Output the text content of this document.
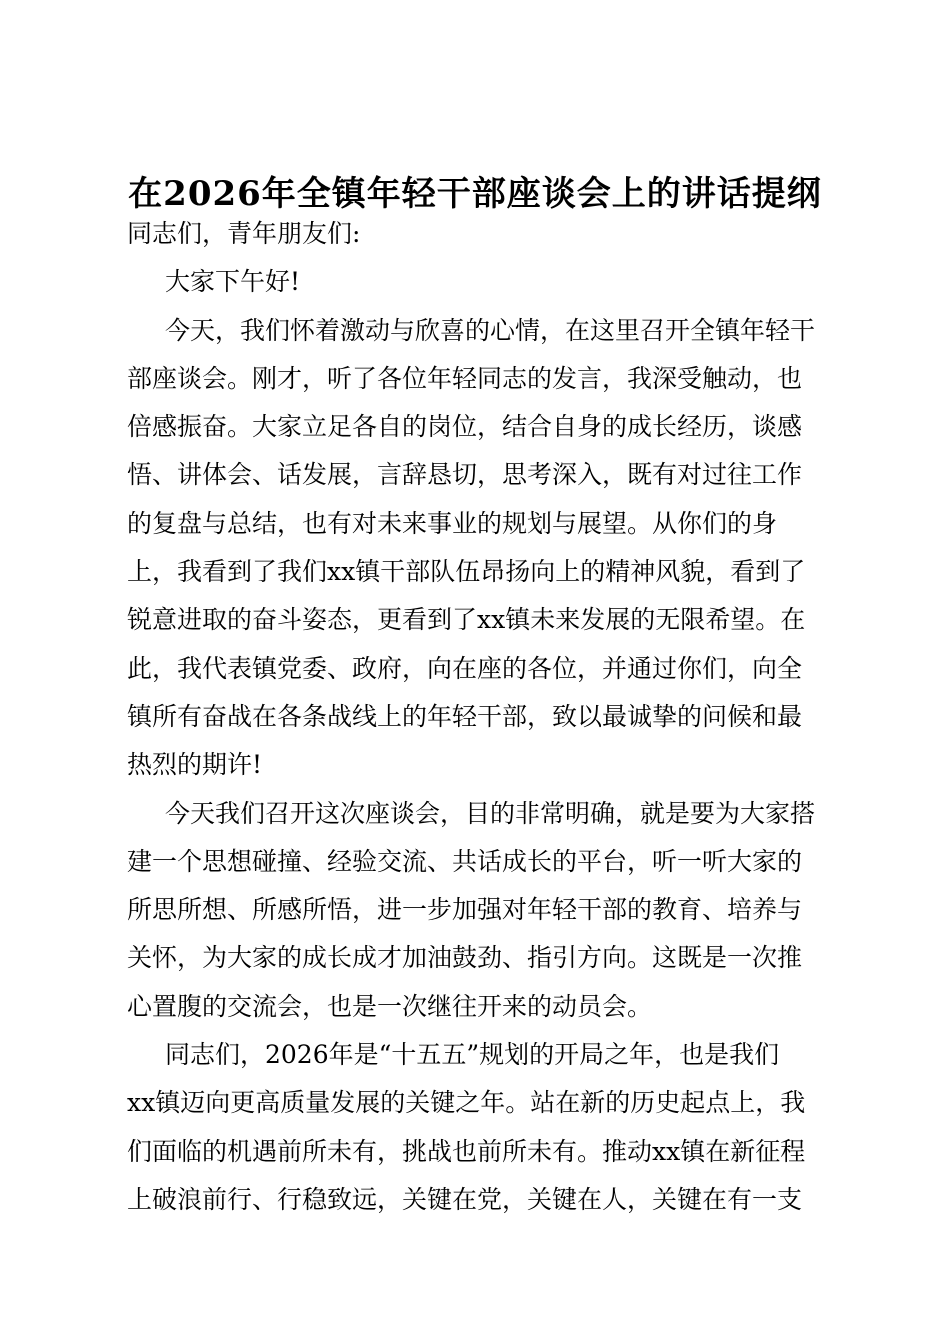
在2026年全镇年轻干部座谈会上的讲话提纲
同志们，青年朋友们:
大家下午好!
今天，我们怀着激动与欣喜的心情，在这里召开全镇年轻干
部座谈会。刚才，听了各位年轻同志的发言，我深受触动，也
倍感振奋。大家立足各自的岗位，结合自身的成长经历，谈感
悟、讲体会、话发展，言辞恳切，思考深入，既有对过往工作
的复盘与总结，也有对未来事业的规划与展望。从你们的身
上，我看到了我们xx镇干部队伍昂扬向上的精神风貌，看到了
锐意进取的奋斗姿态，更看到了xx镇未来发展的无限希望。在
此，我代表镇党委、政府，向在座的各位，并通过你们，向全
镇所有奋战在各条战线上的年轻干部，致以最诚挚的问候和最
热烈的期许!
今天我们召开这次座谈会，目的非常明确，就是要为大家搭
建一个思想碰撞、经验交流、共话成长的平台，听一听大家的
所思所想、所感所悟，进一步加强对年轻干部的教育、培养与
关怀，为大家的成长成才加油鼓劲、指引方向。这既是一次推
心置腹的交流会，也是一次继往开来的动员会。
同志们，2026年是“十五五”规划的开局之年，也是我们
xx镇迈向更高质量发展的关键之年。站在新的历史起点上，我
们面临的机遇前所未有，挑战也前所未有。推动xx镇在新征程
上破浪前行、行稳致远，关键在党，关键在人，关键在有一支
